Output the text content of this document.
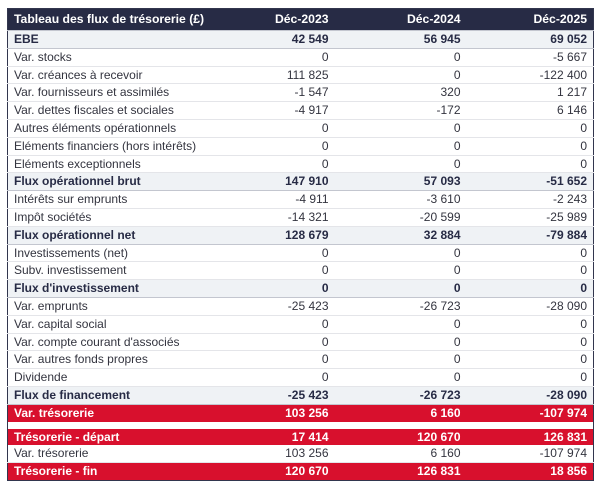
Tableau des flux de trésorerie (£)	Déc-2023	Déc-2024	Déc-2025
EBE	42 549	56 945	69 052
Var. stocks	0	0	-5 667
Var. créances à recevoir	111 825	0	-122 400
Var. fournisseurs et assimilés	-1 547	320	1 217
Var. dettes fiscales et sociales	-4 917	-172	6 146
Autres éléments opérationnels	0	0	0
Eléments financiers (hors intérêts)	0	0	0
Eléments exceptionnels	0	0	0
Flux opérationnel brut	147 910	57 093	-51 652
Intérêts sur emprunts	-4 911	-3 610	-2 243
Impôt sociétés	-14 321	-20 599	-25 989
Flux opérationnel net	128 679	32 884	-79 884
Investissements (net)	0	0	0
Subv. investissement	0	0	0
Flux d'investissement	0	0	0
Var. emprunts	-25 423	-26 723	-28 090
Var. capital social	0	0	0
Var. compte courant d'associés	0	0	0
Var. autres fonds propres	0	0	0
Dividende	0	0	0
Flux de financement	-25 423	-26 723	-28 090
Var. trésorerie	103 256	6 160	-107 974

Trésorerie - départ	17 414	120 670	126 831
Var. trésorerie	103 256	6 160	-107 974
Trésorerie - fin	120 670	126 831	18 856
